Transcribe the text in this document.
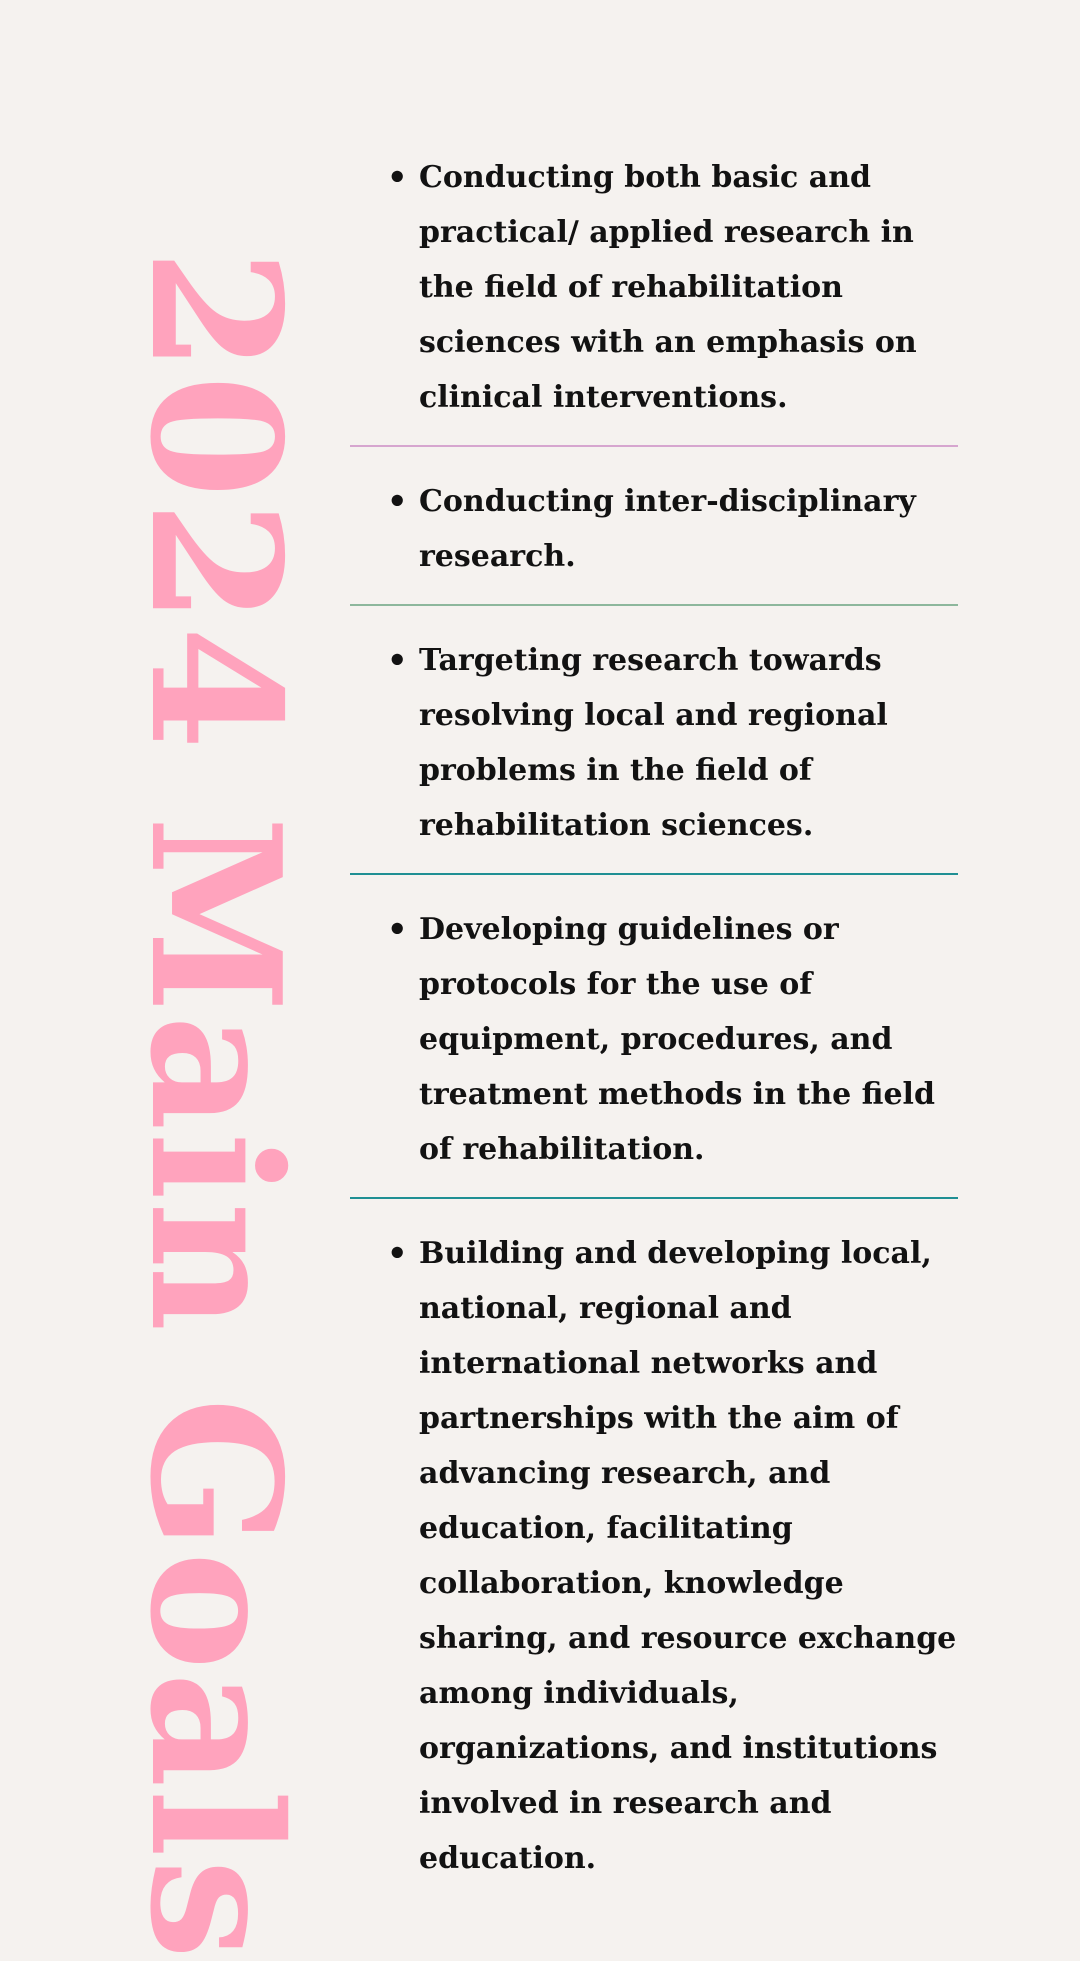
2024 Main Goals
• Conducting both basic and practical/ applied research in the field of rehabilitation sciences with an emphasis on clinical interventions.
• Conducting inter-disciplinary research.
• Targeting research towards resolving local and regional problems in the field of rehabilitation sciences.
• Developing guidelines or protocols for the use of equipment, procedures, and treatment methods in the field of rehabilitation.
• Building and developing local, national, regional and international networks and partnerships with the aim of advancing research, and education, facilitating collaboration, knowledge sharing, and resource exchange among individuals, organizations, and institutions involved in research and education.
